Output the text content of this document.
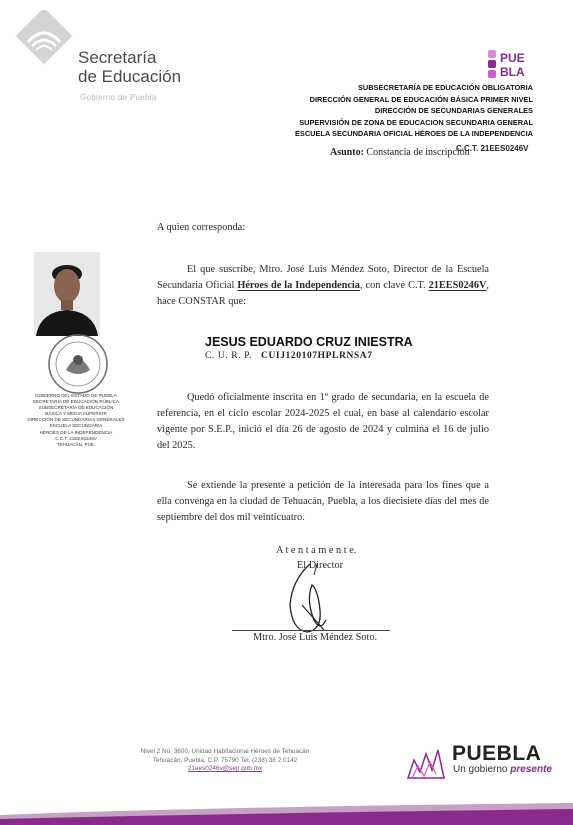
Secretaría
de Educación
Gobierno de Puebla
PUE
BLA
SUBSECRETARÍA DE EDUCACIÓN OBLIGATORIA
DIRECCIÓN GENERAL DE EDUCACIÓN BÁSICA PRIMER NIVEL
DIRECCIÓN DE SECUNDARIAS GENERALES
SUPERVISIÓN DE ZONA DE EDUCACION SECUNDARIA GENERAL
ESCUELA SECUNDARIA OFICIAL HÉROES DE LA INDEPENDENCIA
Asunto: Constancia de inscripción
C.C.T. 21EES0246V
A quien corresponda:
El que suscribe, Mtro. José Luis Méndez Soto, Director de la Escuela Secundaria Oficial Héroes de la Independencia, con clave C.T. 21EES0246V, hace CONSTAR que:
GOBIERNO DEL ESTADO DE PUEBLA
SECRETARÍA DE EDUCACIÓN PÚBLICA
SUBSECRETARÍA DE EDUCACIÓN
BÁSICA Y MEDIA SUPERIOR
DIRECCIÓN DE SECUNDARIAS GENERALES
ESCUELA SECUNDARIA
HÉROES DE LA INDEPENDENCIA
C.C.T. 21EES0246V
TEHUACÁN, PUE.
JESUS EDUARDO CRUZ INIESTRA
C. U. R. P. CUIJ120107HPLRNSA7
Quedó oficialmente inscrita en 1º grado de secundaria, en la escuela de referencia, en el ciclo escolar 2024-2025 el cual, en base al calendario escolar vigente por S.E.P., inició el día 26 de agosto de 2024 y culmina el 16 de julio del 2025.
Se extiende la presente a petición de la interesada para los fines que a ella convenga en la ciudad de Tehuacán, Puebla, a los diecisiete días del mes de septiembre del dos mil veinticuatro.
A t e n t a m e n t e.
El Director
Mtro. José Luis Méndez Soto.
Nivel 2 No. 3600, Unidad Habitacional Héroes de Tehuacán
Tehuacán, Puebla. C.P. 75790 Tel. (238) 38 2 0142
21ees0246v@sep.gob.mx
PUEBLA
Un gobierno presente
